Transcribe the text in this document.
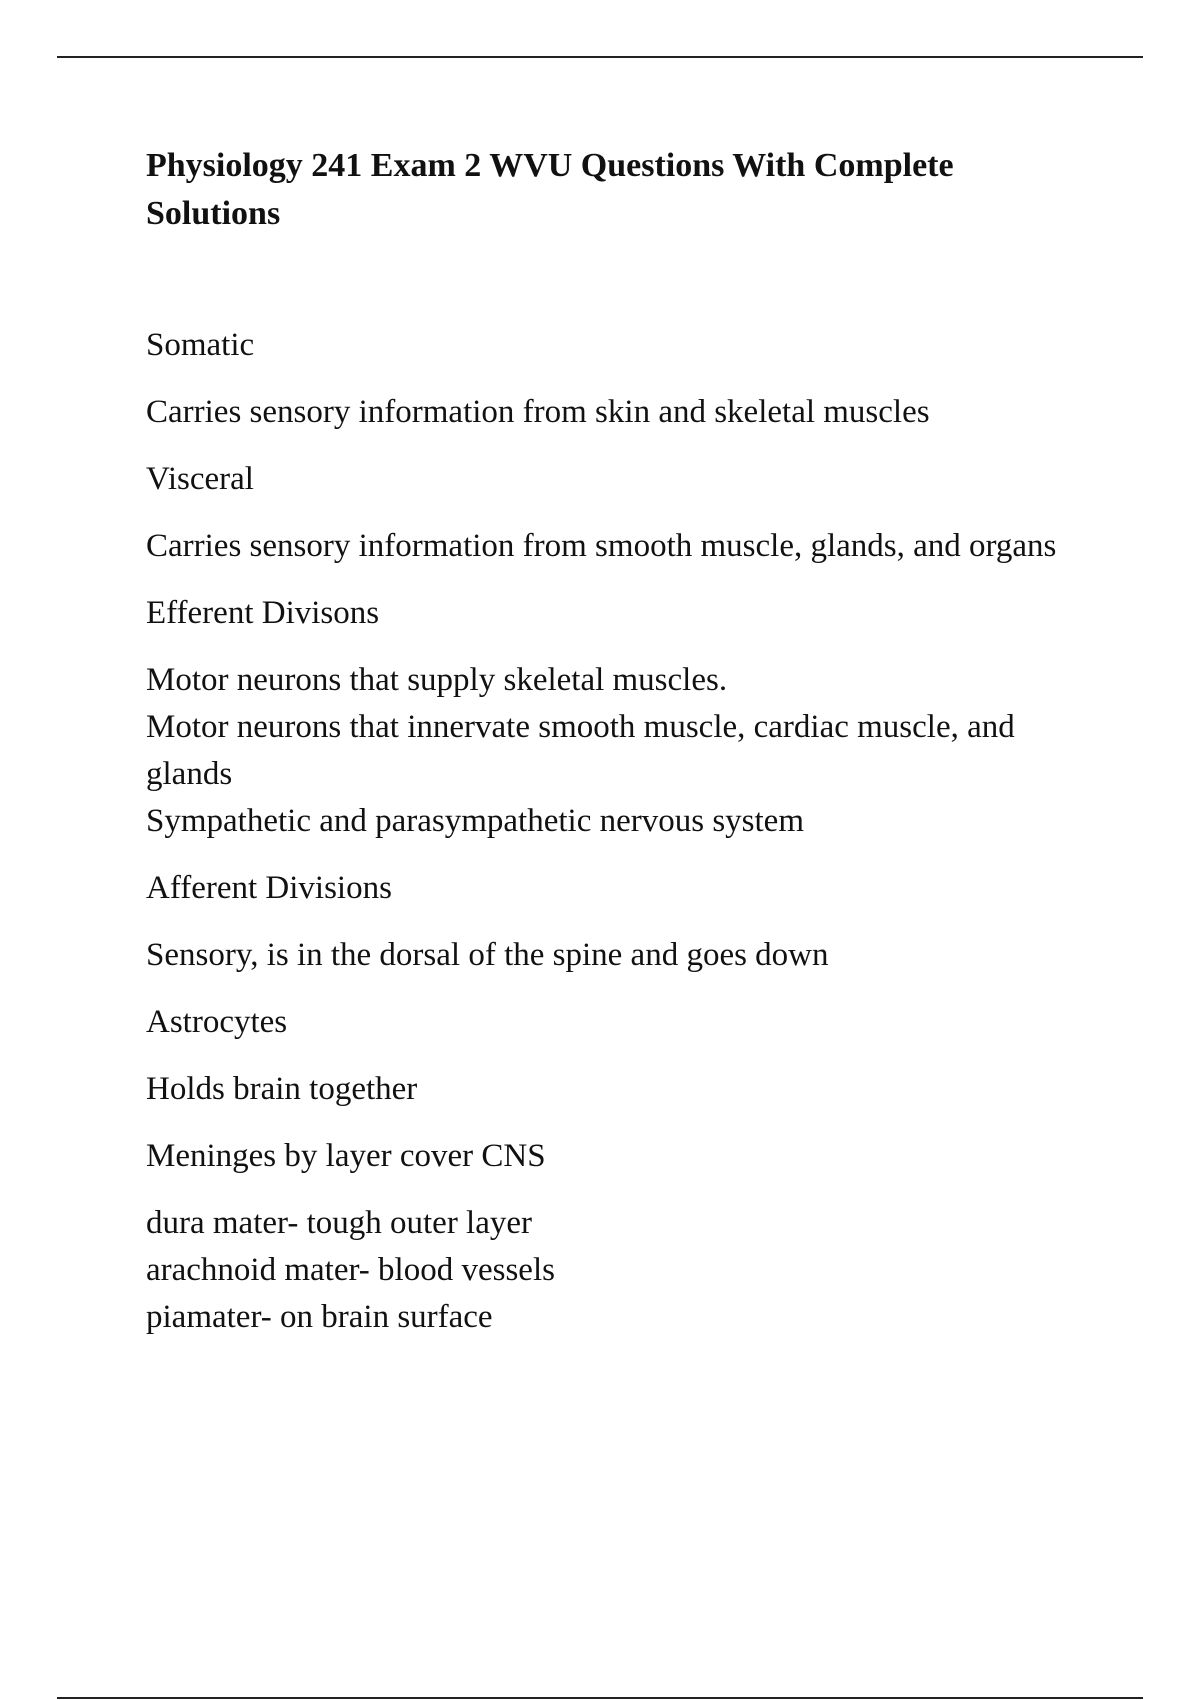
Physiology 241 Exam 2 WVU Questions With Complete Solutions

Somatic

Carries sensory information from skin and skeletal muscles

Visceral

Carries sensory information from smooth muscle, glands, and organs

Efferent Divisons

Motor neurons that supply skeletal muscles.
Motor neurons that innervate smooth muscle, cardiac muscle, and glands
Sympathetic and parasympathetic nervous system

Afferent Divisions

Sensory, is in the dorsal of the spine and goes down

Astrocytes

Holds brain together

Meninges by layer cover CNS

dura mater- tough outer layer
arachnoid mater- blood vessels
piamater- on brain surface
